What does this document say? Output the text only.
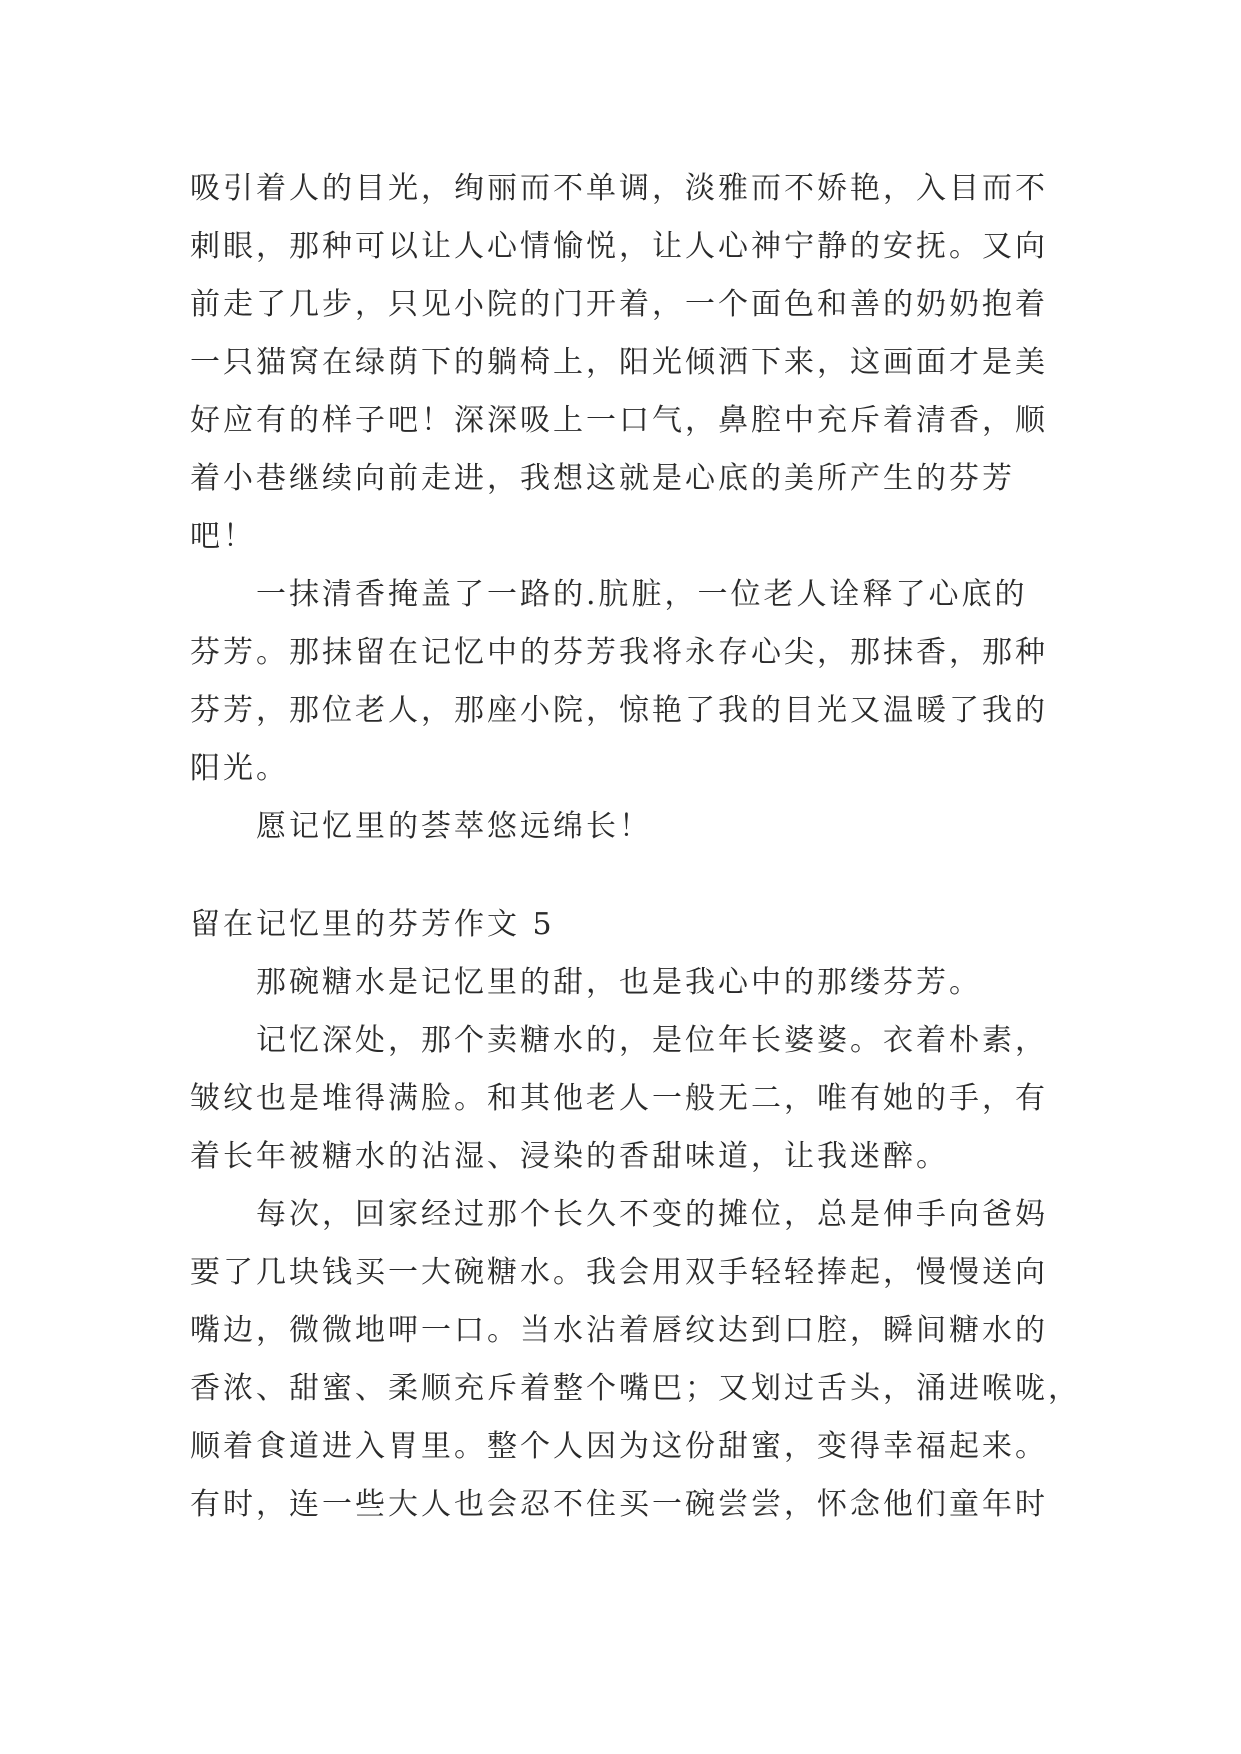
吸引着人的目光，绚丽而不单调，淡雅而不娇艳，入目而不
刺眼，那种可以让人心情愉悦，让人心神宁静的安抚。又向
前走了几步，只见小院的门开着，一个面色和善的奶奶抱着
一只猫窝在绿荫下的躺椅上，阳光倾洒下来，这画面才是美
好应有的样子吧！深深吸上一口气，鼻腔中充斥着清香，顺
着小巷继续向前走进，我想这就是心底的美所产生的芬芳
吧！
一抹清香掩盖了一路的.肮脏，一位老人诠释了心底的
芬芳。那抹留在记忆中的芬芳我将永存心尖，那抹香，那种
芬芳，那位老人，那座小院，惊艳了我的目光又温暖了我的
阳光。
愿记忆里的荟萃悠远绵长！
留在记忆里的芬芳作文 5
那碗糖水是记忆里的甜，也是我心中的那缕芬芳。
记忆深处，那个卖糖水的，是位年长婆婆。衣着朴素，
皱纹也是堆得满脸。和其他老人一般无二，唯有她的手，有
着长年被糖水的沾湿、浸染的香甜味道，让我迷醉。
每次，回家经过那个长久不变的摊位，总是伸手向爸妈
要了几块钱买一大碗糖水。我会用双手轻轻捧起，慢慢送向
嘴边，微微地呷一口。当水沾着唇纹达到口腔，瞬间糖水的
香浓、甜蜜、柔顺充斥着整个嘴巴；又划过舌头，涌进喉咙，
顺着食道进入胃里。整个人因为这份甜蜜，变得幸福起来。
有时，连一些大人也会忍不住买一碗尝尝，怀念他们童年时
